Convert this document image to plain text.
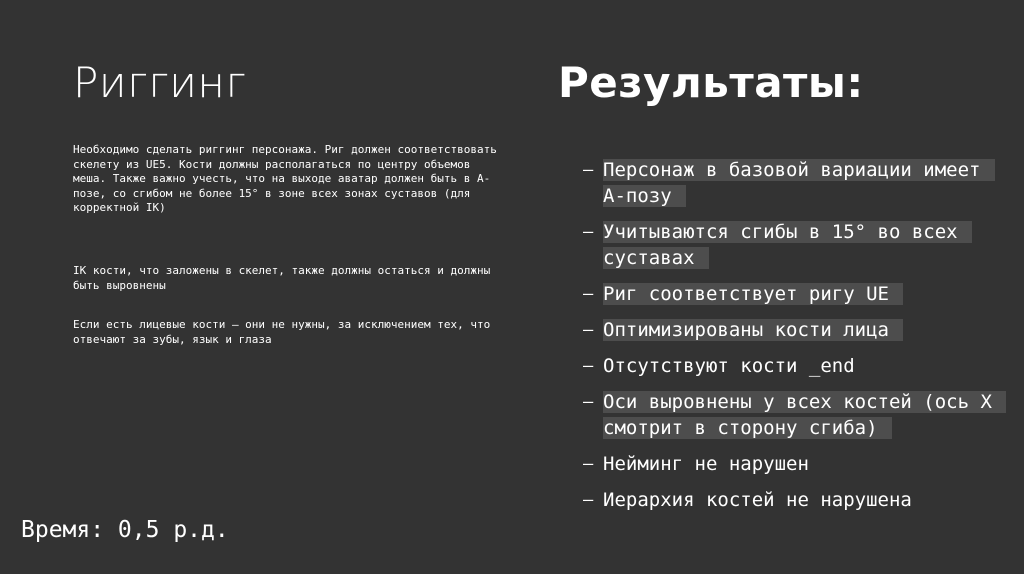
Риггинг	Результаты:

Необходимо сделать риггинг персонажа. Риг должен соответствовать скелету из UE5. Кости должны располагаться по центру объемов меша. Также важно учесть, что на выходе аватар должен быть в A-позе, со сгибом не более 15° в зоне всех зонах суставов (для корректной IK)

IK кости, что заложены в скелет, также должны остаться и должны быть выровнены

Если есть лицевые кости – они не нужны, за исключением тех, что отвечают за зубы, язык и глаза

– Персонаж в базовой вариации имеет A-позу
– Учитываются сгибы в 15° во всех суставах
– Риг соответствует ригу UE
– Оптимизированы кости лица
– Отсутствуют кости _end
– Оси выровнены у всех костей (ось X смотрит в сторону сгиба)
– Нейминг не нарушен
– Иерархия костей не нарушена

Время: 0,5 р.д.
